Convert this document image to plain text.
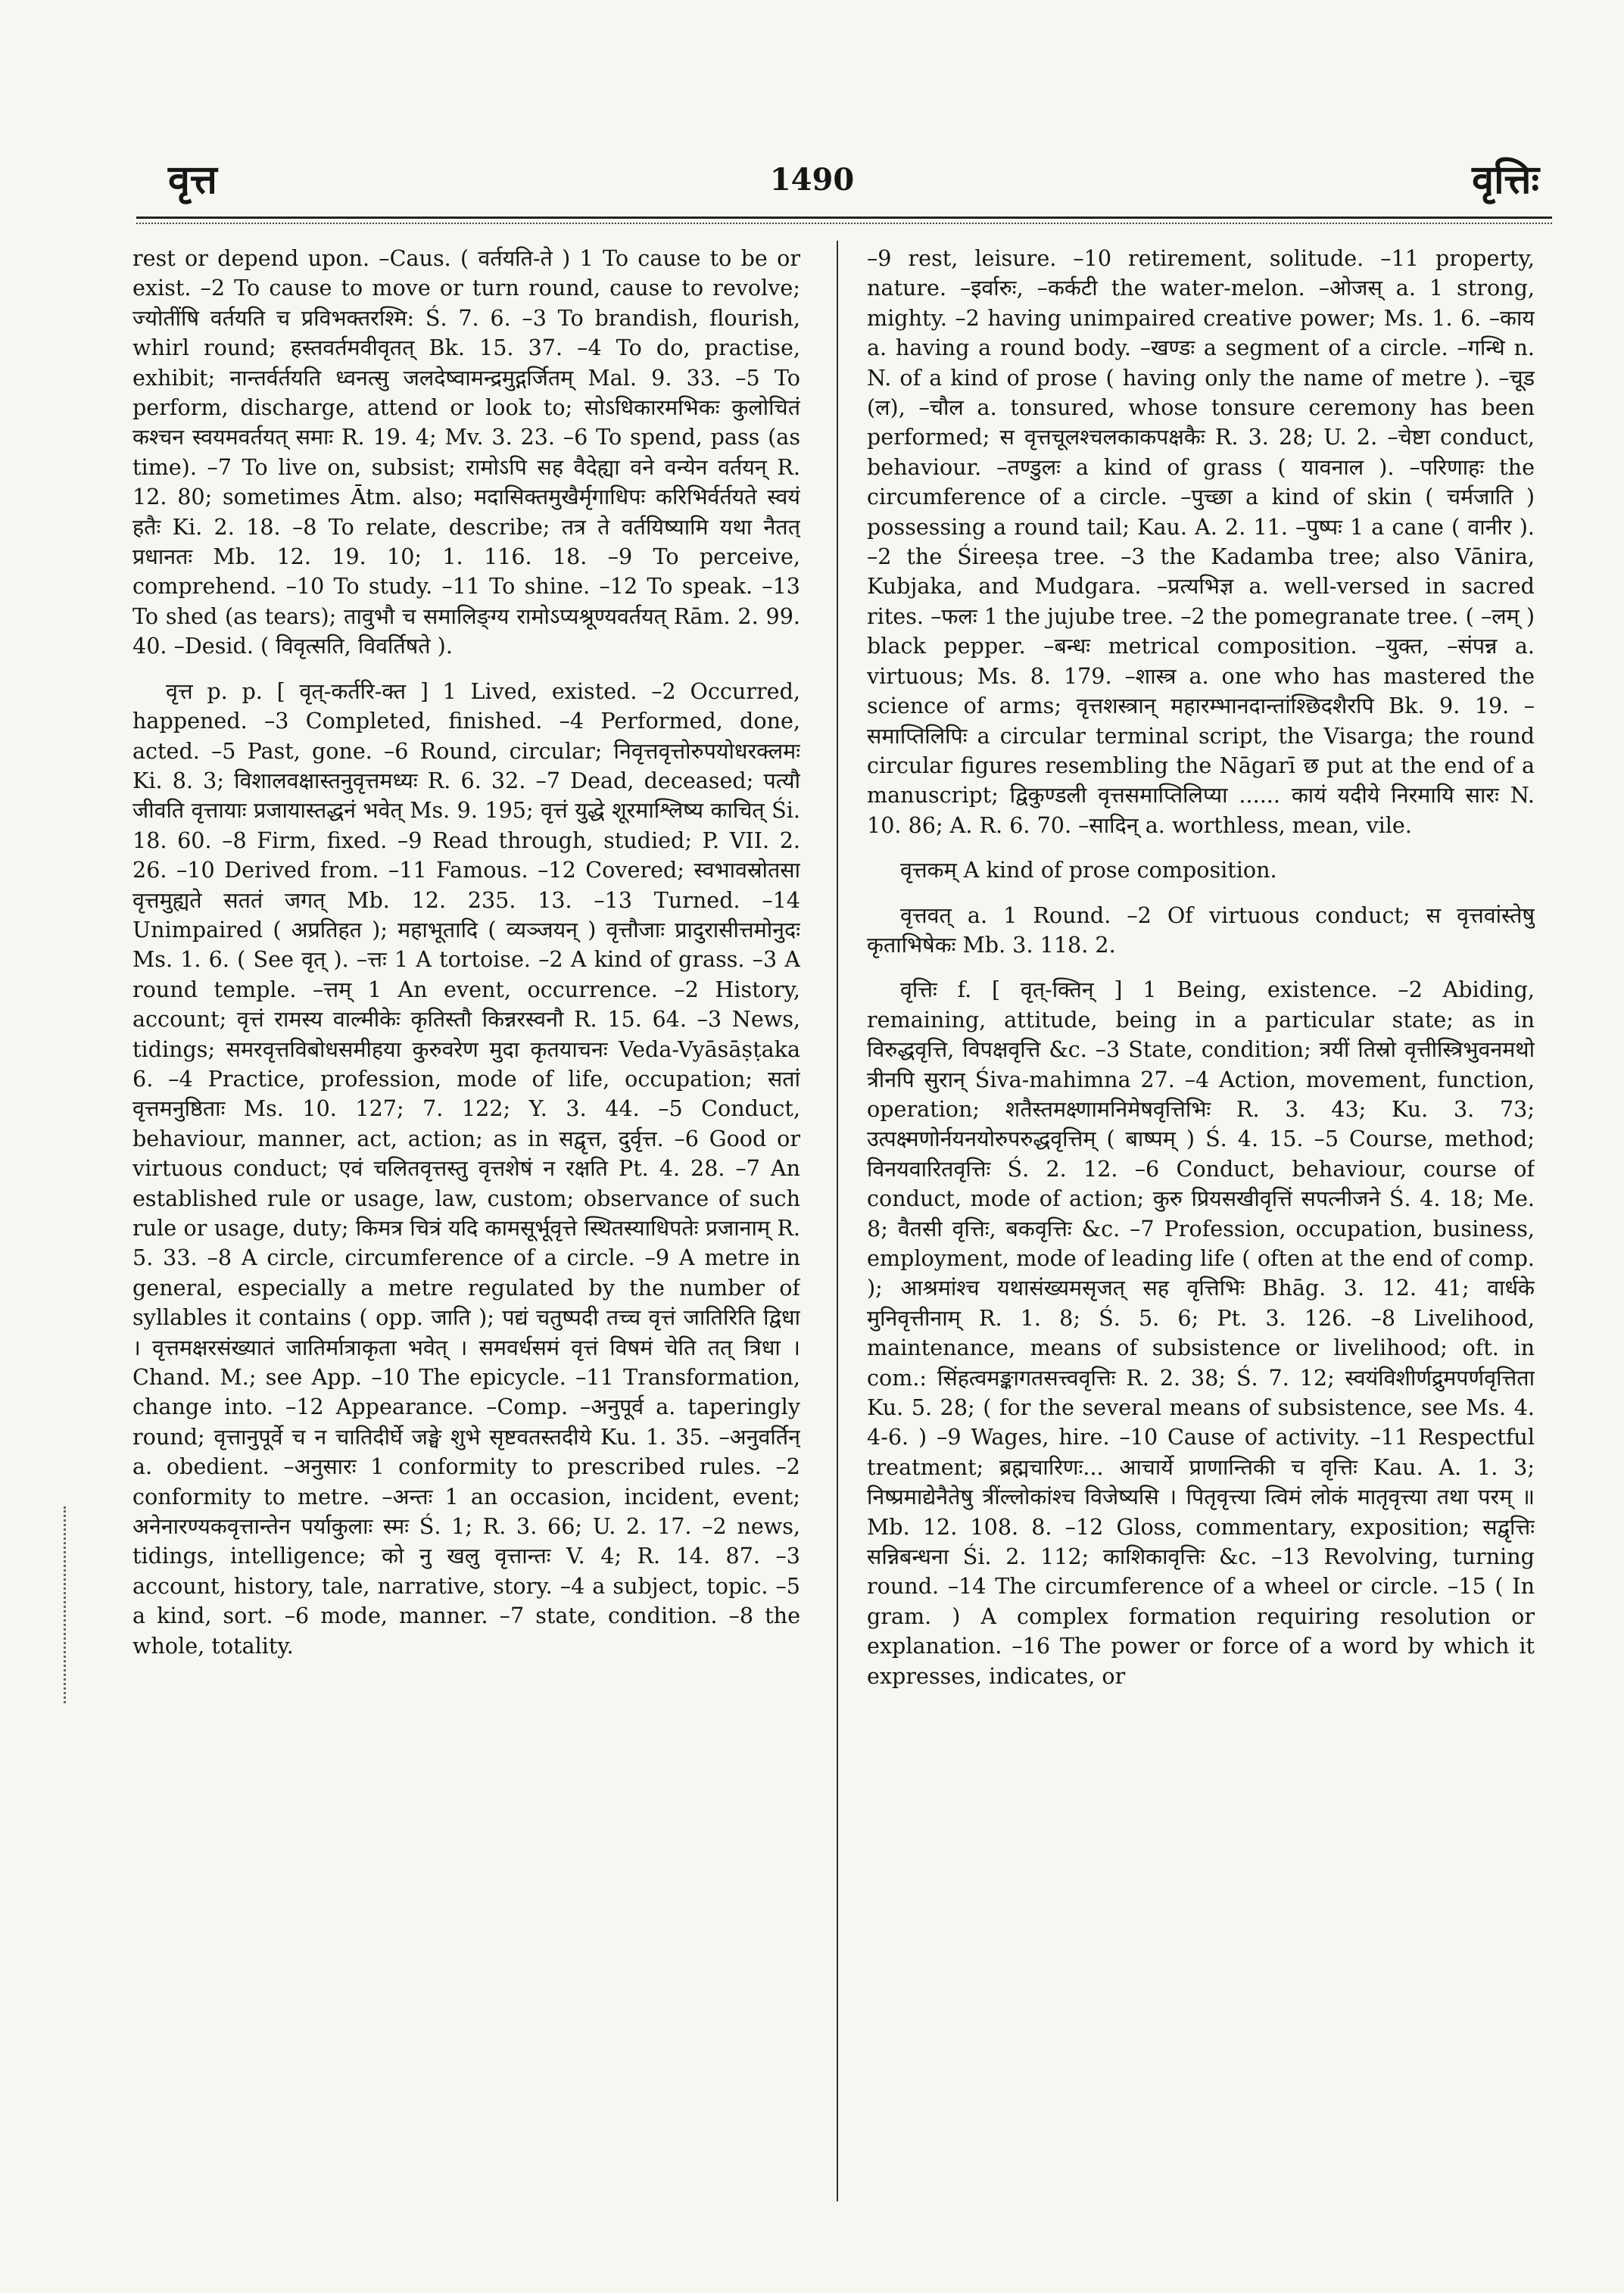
वृत्त	1490	वृत्तिः

rest or depend upon. –Caus. ( वर्तयति-ते ) 1 To cause to be or exist. –2 To cause to move or turn round, cause to revolve; ज्योतींषि वर्तयति च प्रविभक्तरश्मि: Ś. 7. 6. –3 To brandish, flourish, whirl round; हस्तवर्तमवीवृतत् Bk. 15. 37. –4 To do, practise, exhibit; नान्तर्वर्तयति ध्वनत्सु जलदेष्वामन्द्रमुद्गर्जितम् Mal. 9. 33. –5 To perform, discharge, attend or look to; सोऽधिकारमभिकः कुलोचितं कश्चन स्वयमवर्तयत् समाः R. 19. 4; Mv. 3. 23. –6 To spend, pass (as time). –7 To live on, subsist; रामोऽपि सह वैदेह्या वने वन्येन वर्तयन् R. 12. 80; sometimes Ātm. also; मदासिक्तमुखैर्मृगाधिपः करिभिर्वर्तयते स्वयं हतैः Ki. 2. 18. –8 To relate, describe; तत्र ते वर्तयिष्यामि यथा नैतत् प्रधानतः Mb. 12. 19. 10; 1. 116. 18. –9 To perceive, comprehend. –10 To study. –11 To shine. –12 To speak. –13 To shed (as tears); तावुभौ च समालिङ्ग्य रामोऽप्यश्रूण्यवर्तयत् Rām. 2. 99. 40. –Desid. ( विवृत्सति, विवर्तिषते ).

वृत्त p. p. [ वृत्-कर्तरि-क्त ] 1 Lived, existed. –2 Occurred, happened. –3 Completed, finished. –4 Performed, done, acted. –5 Past, gone. –6 Round, circular; निवृत्तवृत्तोरुपयोधरक्लमः Ki. 8. 3; विशालवक्षास्तनुवृत्तमध्यः R. 6. 32. –7 Dead, deceased; पत्यौ जीवति वृत्तायाः प्रजायास्तद्धनं भवेत् Ms. 9. 195; वृत्तं युद्धे शूरमाश्लिष्य काचित् Śi. 18. 60. –8 Firm, fixed. –9 Read through, studied; P. VII. 2. 26. –10 Derived from. –11 Famous. –12 Covered; स्वभावस्रोतसा वृत्तमुह्यते सततं जगत् Mb. 12. 235. 13. –13 Turned. –14 Unimpaired ( अप्रतिहत ); महाभूतादि ( व्यञ्जयन् ) वृत्तौजाः प्रादुरासीत्तमोनुदः Ms. 1. 6. ( See वृत् ). –त्तः 1 A tortoise. –2 A kind of grass. –3 A round temple. –त्तम् 1 An event, occurrence. –2 History, account; वृत्तं रामस्य वाल्मीकेः कृतिस्तौ किन्नरस्वनौ R. 15. 64. –3 News, tidings; समरवृत्तविबोधसमीहया कुरुवरेण मुदा कृतयाचनः Veda-Vyāsāṣṭaka 6. –4 Practice, profession, mode of life, occupation; सतां वृत्तमनुष्ठिताः Ms. 10. 127; 7. 122; Y. 3. 44. –5 Conduct, behaviour, manner, act, action; as in सद्वृत्त, दुर्वृत्त. –6 Good or virtuous conduct; एवं चलितवृत्तस्तु वृत्तशेषं न रक्षति Pt. 4. 28. –7 An established rule or usage, law, custom; observance of such rule or usage, duty; किमत्र चित्रं यदि कामसूर्भूवृत्ते स्थितस्याधिपतेः प्रजानाम् R. 5. 33. –8 A circle, circumference of a circle. –9 A metre in general, especially a metre regulated by the number of syllables it contains ( opp. जाति ); पद्यं चतुष्पदी तच्च वृत्तं जातिरिति द्विधा । वृत्तमक्षरसंख्यातं जातिर्मात्राकृता भवेत् । समवर्धसमं वृत्तं विषमं चेति तत् त्रिधा । Chand. M.; see App. –10 The epicycle. –11 Transformation, change into. –12 Appearance. –Comp. –अनुपूर्व a. taperingly round; वृत्तानुपूर्वे च न चातिदीर्घे जङ्घे शुभे सृष्टवतस्तदीये Ku. 1. 35. –अनुवर्तिन् a. obedient. –अनुसारः 1 conformity to prescribed rules. –2 conformity to metre. –अन्तः 1 an occasion, incident, event; अनेनारण्यकवृत्तान्तेन पर्याकुलाः स्मः Ś. 1; R. 3. 66; U. 2. 17. –2 news, tidings, intelligence; को नु खलु वृत्तान्तः V. 4; R. 14. 87. –3 account, history, tale, narrative, story. –4 a subject, topic. –5 a kind, sort. –6 mode, manner. –7 state, condition. –8 the whole, totality.

–9 rest, leisure. –10 retirement, solitude. –11 property, nature. –इर्वारुः, –कर्कटी the water-melon. –ओजस् a. 1 strong, mighty. –2 having unimpaired creative power; Ms. 1. 6. –काय a. having a round body. –खण्डः a segment of a circle. –गन्धि n. N. of a kind of prose ( having only the name of metre ). –चूड (ल), –चौल a. tonsured, whose tonsure ceremony has been performed; स वृत्तचूलश्चलकाकपक्षकैः R. 3. 28; U. 2. –चेष्टा conduct, behaviour. –तण्डुलः a kind of grass ( यावनाल ). –परिणाहः the circumference of a circle. –पुच्छा a kind of skin ( चर्मजाति ) possessing a round tail; Kau. A. 2. 11. –पुष्पः 1 a cane ( वानीर ). –2 the Śireeṣa tree. –3 the Kadamba tree; also Vānira, Kubjaka, and Mudgara. –प्रत्यभिज्ञ a. well-versed in sacred rites. –फलः 1 the jujube tree. –2 the pomegranate tree. ( –लम् ) black pepper. –बन्धः metrical composition. –युक्त, –संपन्न a. virtuous; Ms. 8. 179. –शास्त्र a. one who has mastered the science of arms; वृत्तशस्त्रान् महारम्भानदान्तांश्छिदशैरपि Bk. 9. 19. –समाप्तिलिपिः a circular terminal script, the Visarga; the round circular figures resembling the Nāgarī छ put at the end of a manuscript; द्विकुण्डली वृत्तसमाप्तिलिप्या ...... कायं यदीये निरमायि सारः N. 10. 86; A. R. 6. 70. –सादिन् a. worthless, mean, vile.

वृत्तकम् A kind of prose composition.

वृत्तवत् a. 1 Round. –2 Of virtuous conduct; स वृत्तवांस्तेषु कृताभिषेकः Mb. 3. 118. 2.

वृत्तिः f. [ वृत्-क्तिन् ] 1 Being, existence. –2 Abiding, remaining, attitude, being in a particular state; as in विरुद्धवृत्ति, विपक्षवृत्ति &c. –3 State, condition; त्रयीं तिस्रो वृत्तीस्त्रिभुवनमथो त्रीनपि सुरान् Śiva-mahimna 27. –4 Action, movement, function, operation; शतैस्तमक्ष्णामनिमेषवृत्तिभिः R. 3. 43; Ku. 3. 73; उत्पक्ष्मणोर्नयनयोरुपरुद्धवृत्तिम् ( बाष्पम् ) Ś. 4. 15. –5 Course, method; विनयवारितवृत्तिः Ś. 2. 12. –6 Conduct, behaviour, course of conduct, mode of action; कुरु प्रियसखीवृत्तिं सपत्नीजने Ś. 4. 18; Me. 8; वैतसी वृत्तिः, बकवृत्तिः &c. –7 Profession, occupation, business, employment, mode of leading life ( often at the end of comp. ); आश्रमांश्च यथासंख्यमसृजत् सह वृत्तिभिः Bhāg. 3. 12. 41; वार्धके मुनिवृत्तीनाम् R. 1. 8; Ś. 5. 6; Pt. 3. 126. –8 Livelihood, maintenance, means of subsistence or livelihood; oft. in com.: सिंहत्वमङ्कागतसत्त्ववृत्तिः R. 2. 38; Ś. 7. 12; स्वयंविशीर्णद्रुमपर्णवृत्तिता Ku. 5. 28; ( for the several means of subsistence, see Ms. 4. 4-6. ) –9 Wages, hire. –10 Cause of activity. –11 Respectful treatment; ब्रह्मचारिणः... आचार्ये प्राणान्तिकी च वृत्तिः Kau. A. 1. 3; निष्प्रमाद्येनैतेषु त्रींल्लोकांश्च विजेष्यसि । पितृवृत्त्या त्विमं लोकं मातृवृत्त्या तथा परम् ॥ Mb. 12. 108. 8. –12 Gloss, commentary, exposition; सद्वृत्तिः सन्निबन्धना Śi. 2. 112; काशिकावृत्तिः &c. –13 Revolving, turning round. –14 The circumference of a wheel or circle. –15 ( In gram. ) A complex formation requiring resolution or explanation. –16 The power or force of a word by which it expresses, indicates, or
